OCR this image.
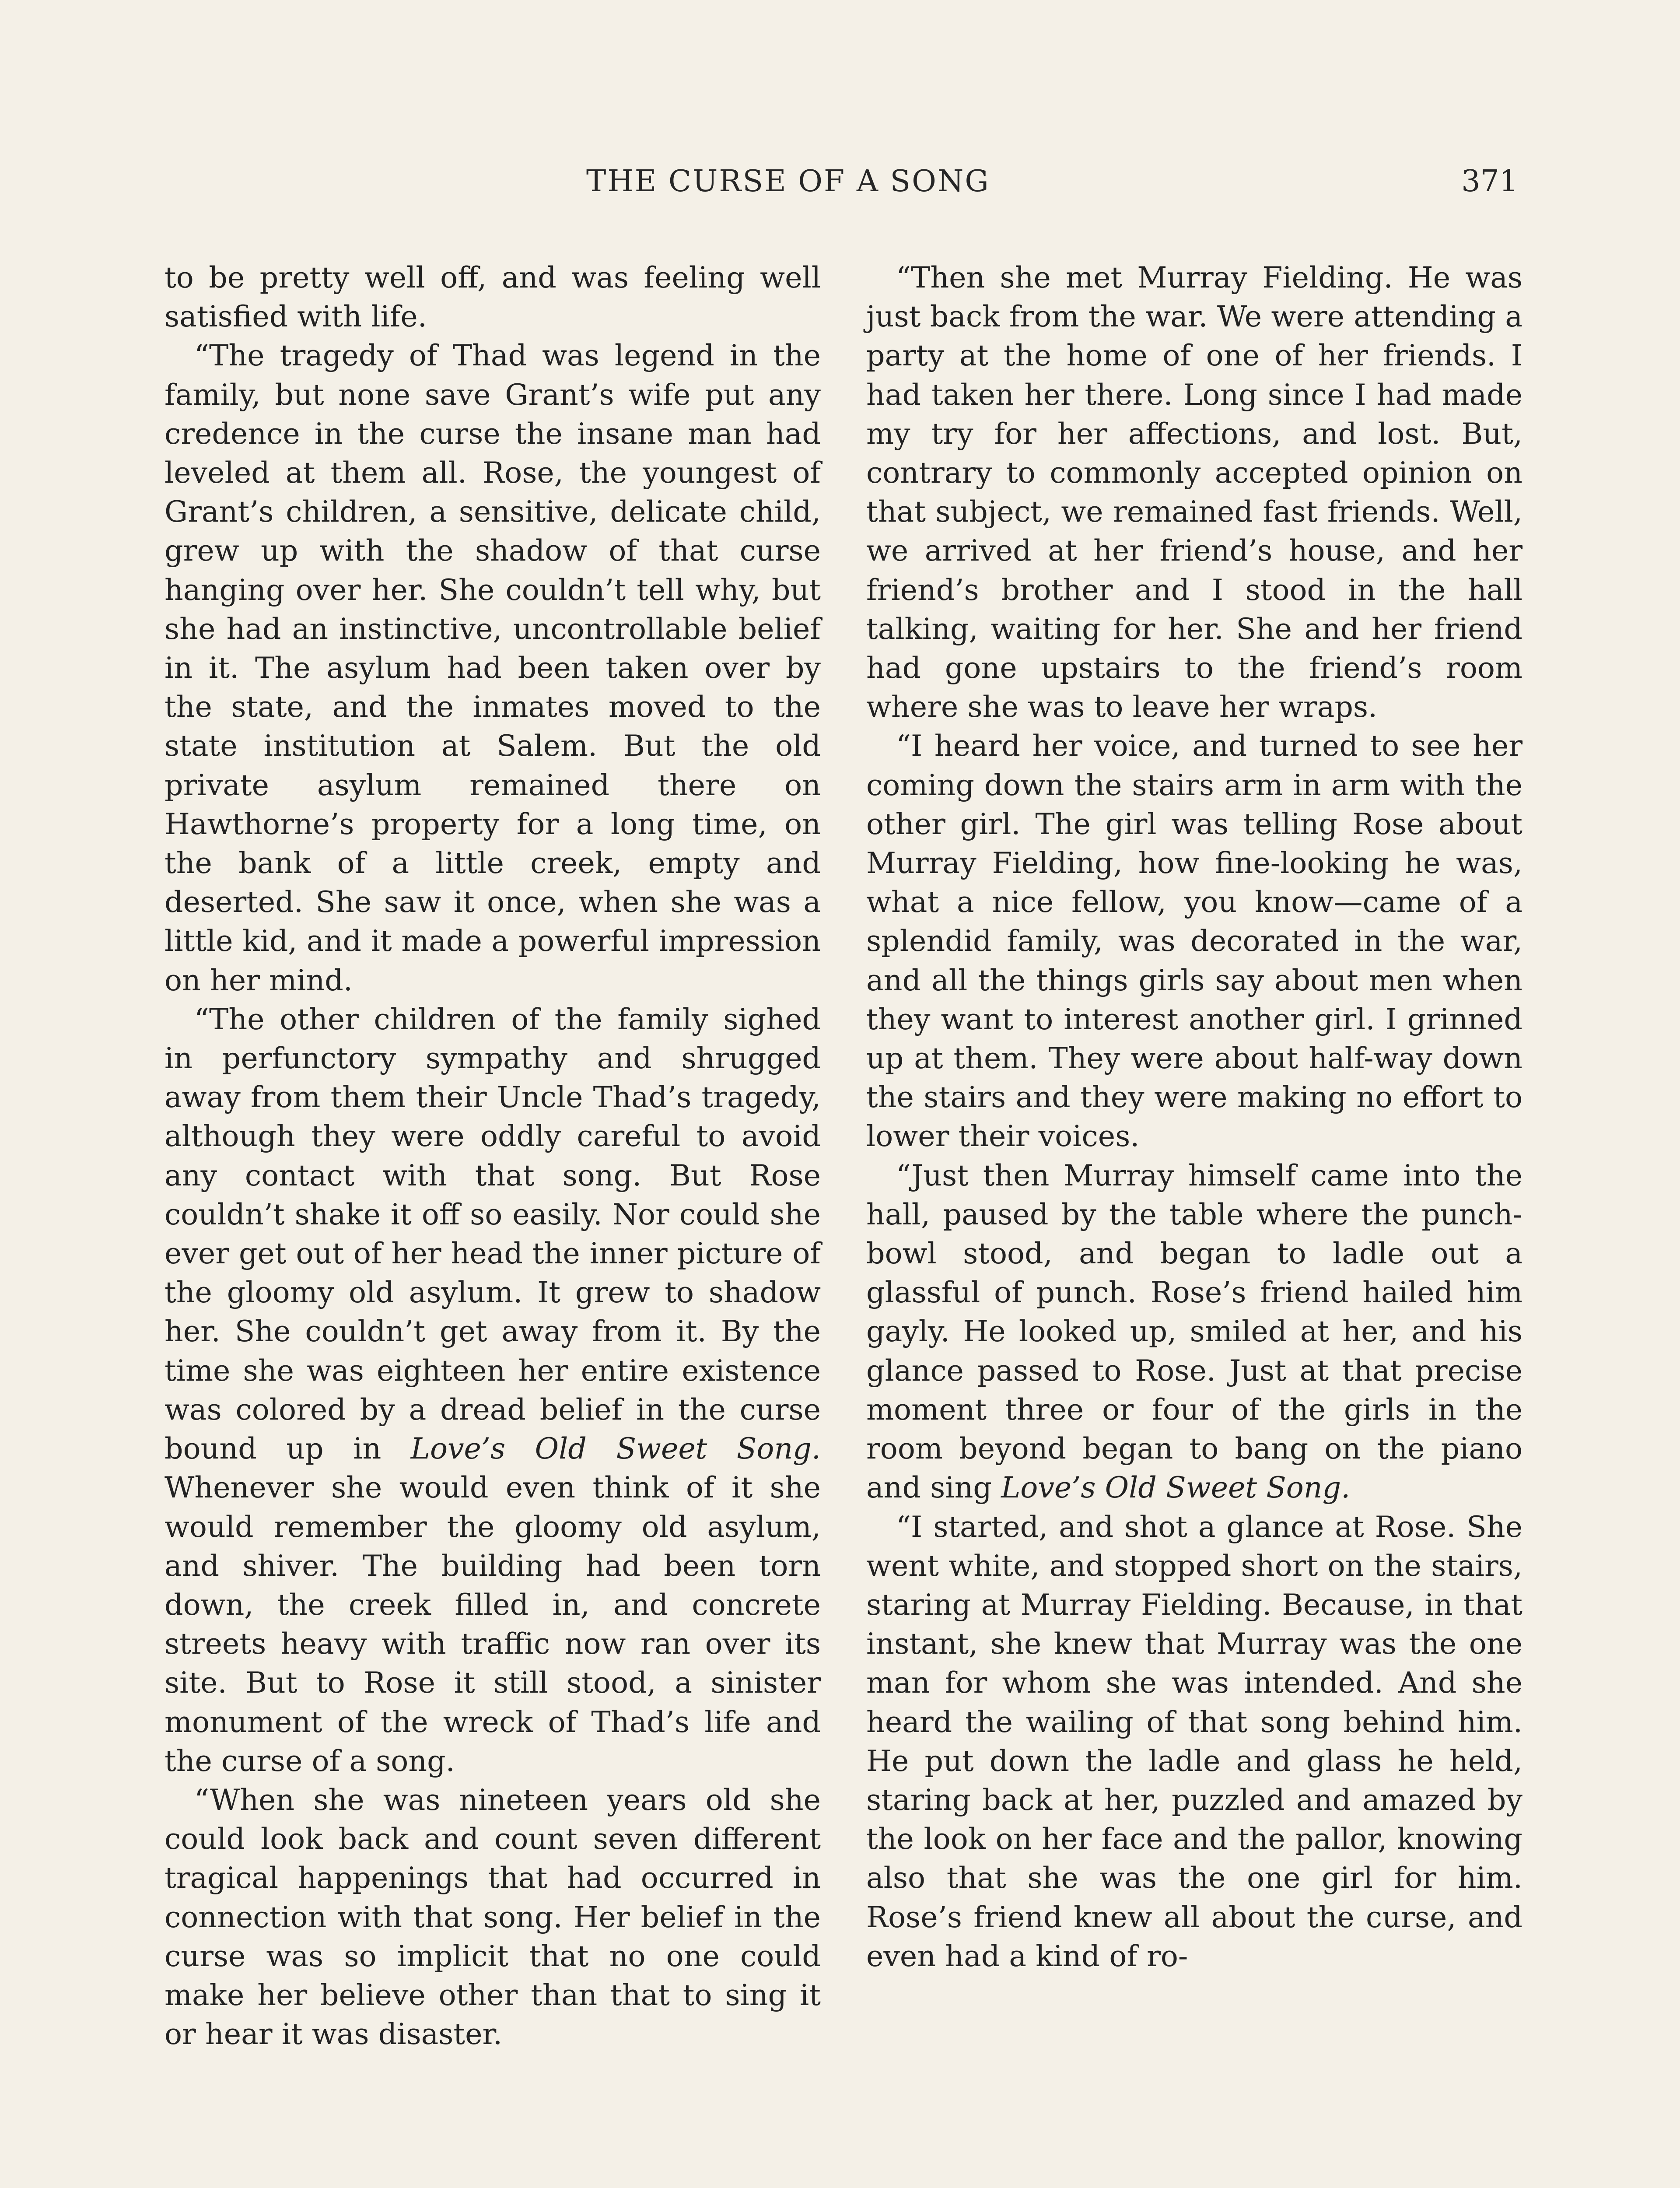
THE CURSE OF A SONG	371

to be pretty well off, and was feeling well satisfied with life.

“The tragedy of Thad was legend in the family, but none save Grant’s wife put any credence in the curse the insane man had leveled at them all. Rose, the youngest of Grant’s children, a sensitive, delicate child, grew up with the shadow of that curse hanging over her. She couldn’t tell why, but she had an instinctive, uncontrollable belief in it. The asylum had been taken over by the state, and the inmates moved to the state institution at Salem. But the old private asylum remained there on Hawthorne’s property for a long time, on the bank of a little creek, empty and deserted. She saw it once, when she was a little kid, and it made a powerful impression on her mind.

“The other children of the family sighed in perfunctory sympathy and shrugged away from them their Uncle Thad’s tragedy, although they were oddly careful to avoid any contact with that song. But Rose couldn’t shake it off so easily. Nor could she ever get out of her head the inner picture of the gloomy old asylum. It grew to shadow her. She couldn’t get away from it. By the time she was eighteen her entire existence was colored by a dread belief in the curse bound up in Love’s Old Sweet Song. Whenever she would even think of it she would remember the gloomy old asylum, and shiver. The building had been torn down, the creek filled in, and concrete streets heavy with traffic now ran over its site. But to Rose it still stood, a sinister monument of the wreck of Thad’s life and the curse of a song.

“When she was nineteen years old she could look back and count seven different tragical happenings that had occurred in connection with that song. Her belief in the curse was so implicit that no one could make her believe other than that to sing it or hear it was disaster.

“Then she met Murray Fielding. He was just back from the war. We were attending a party at the home of one of her friends. I had taken her there. Long since I had made my try for her affections, and lost. But, contrary to commonly accepted opinion on that subject, we remained fast friends. Well, we arrived at her friend’s house, and her friend’s brother and I stood in the hall talking, waiting for her. She and her friend had gone upstairs to the friend’s room where she was to leave her wraps.

“I heard her voice, and turned to see her coming down the stairs arm in arm with the other girl. The girl was telling Rose about Murray Fielding, how fine-looking he was, what a nice fellow, you know—came of a splendid family, was decorated in the war, and all the things girls say about men when they want to interest another girl. I grinned up at them. They were about half-way down the stairs and they were making no effort to lower their voices.

“Just then Murray himself came into the hall, paused by the table where the punch-bowl stood, and began to ladle out a glassful of punch. Rose’s friend hailed him gayly. He looked up, smiled at her, and his glance passed to Rose. Just at that precise moment three or four of the girls in the room beyond began to bang on the piano and sing Love’s Old Sweet Song.

“I started, and shot a glance at Rose. She went white, and stopped short on the stairs, staring at Murray Fielding. Because, in that instant, she knew that Murray was the one man for whom she was intended. And she heard the wailing of that song behind him. He put down the ladle and glass he held, staring back at her, puzzled and amazed by the look on her face and the pallor, knowing also that she was the one girl for him. Rose’s friend knew all about the curse, and even had a kind of ro-
